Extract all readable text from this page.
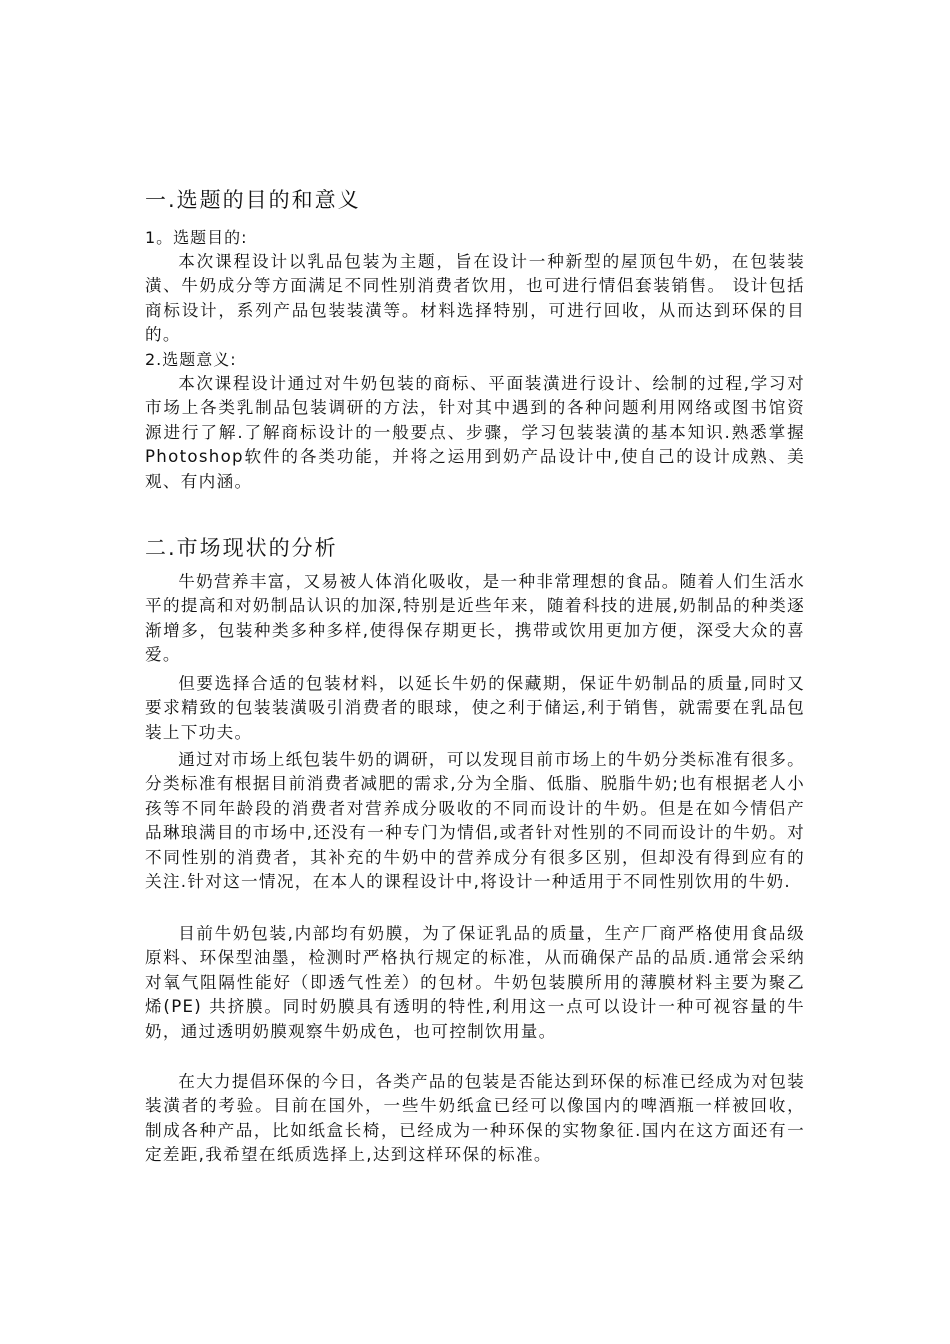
一.选题的目的和意义
1。选题目的:

本次课程设计以乳品包装为主题，旨在设计一种新型的屋顶包牛奶，在包装装潢、牛奶成分等方面满足不同性别消费者饮用，也可进行情侣套装销售。 设计包括商标设计，系列产品包装装潢等。材料选择特别，可进行回收，从而达到环保的目的。

2.选题意义:

本次课程设计通过对牛奶包装的商标、平面装潢进行设计、绘制的过程,学习对市场上各类乳制品包装调研的方法，针对其中遇到的各种问题利用网络或图书馆资源进行了解.了解商标设计的一般要点、步骤，学习包装装潢的基本知识.熟悉掌握Photoshop软件的各类功能，并将之运用到奶产品设计中,使自己的设计成熟、美观、有内涵。

二.市场现状的分析

牛奶营养丰富，又易被人体消化吸收，是一种非常理想的食品。随着人们生活水平的提高和对奶制品认识的加深,特别是近些年来，随着科技的进展,奶制品的种类逐渐增多，包装种类多种多样,使得保存期更长，携带或饮用更加方便，深受大众的喜爱。

但要选择合适的包装材料，以延长牛奶的保藏期，保证牛奶制品的质量,同时又要求精致的包装装潢吸引消费者的眼球，使之利于储运,利于销售，就需要在乳品包装上下功夫。

通过对市场上纸包装牛奶的调研，可以发现目前市场上的牛奶分类标准有很多。分类标准有根据目前消费者减肥的需求,分为全脂、低脂、脱脂牛奶;也有根据老人小孩等不同年龄段的消费者对营养成分吸收的不同而设计的牛奶。但是在如今情侣产品琳琅满目的市场中,还没有一种专门为情侣,或者针对性别的不同而设计的牛奶。对不同性别的消费者，其补充的牛奶中的营养成分有很多区别，但却没有得到应有的关注.针对这一情况，在本人的课程设计中,将设计一种适用于不同性别饮用的牛奶.

目前牛奶包装,内部均有奶膜，为了保证乳品的质量，生产厂商严格使用食品级原料、环保型油墨，检测时严格执行规定的标准，从而确保产品的品质.通常会采纳对氧气阻隔性能好（即透气性差）的包材。牛奶包装膜所用的薄膜材料主要为聚乙烯(PE) 共挤膜。同时奶膜具有透明的特性,利用这一点可以设计一种可视容量的牛奶，通过透明奶膜观察牛奶成色，也可控制饮用量。

在大力提倡环保的今日，各类产品的包装是否能达到环保的标准已经成为对包装装潢者的考验。目前在国外，一些牛奶纸盒已经可以像国内的啤酒瓶一样被回收，制成各种产品，比如纸盒长椅，已经成为一种环保的实物象征.国内在这方面还有一定差距,我希望在纸质选择上,达到这样环保的标准。
